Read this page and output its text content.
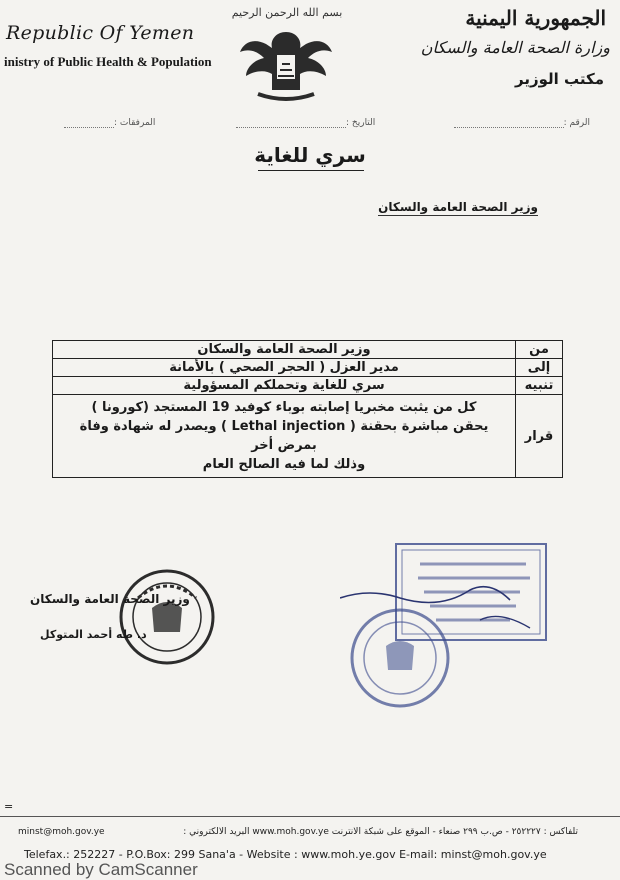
Republic Of Yemen
inistry of Public Health & Population
بسم الله الرحمن الرحيم	الجمهورية اليمنية
وزارة الصحة العامة والسكان
مكتب الوزير
الرقم :
التاريخ :
المرفقات :
سري للغاية
وزير الصحة العامة والسكان
من	وزير الصحة العامة والسكان
إلى	مدير العزل ( الحجر الصحي ) بالأمانة
تنبيه	سري للغاية وتحملكم المسؤولية
قرار	كل من يثبت مخبريا إصابته بوباء كوفيد 19 المستجد (كورونا )
يحقن مباشرة بحقنة ( Lethal injection ) ويصدر له شهادة وفاة
بمرض أخر
وذلك لما فيه الصالح العام
وزير الصحة العامة والسكان
د. طه أحمد المتوكل
=
minst@moh.gov.ye	تلفاكس : ٢٥٢٢٢٧ - ص.ب ٢٩٩ صنعاء - الموقع على شبكة الانترنت www.moh.gov.ye البريد الالكتروني :
Telefax.: 252227 - P.O.Box: 299 Sana'a - Website : www.moh.ye.gov E-mail: minst@moh.gov.ye
Scanned by CamScanner
